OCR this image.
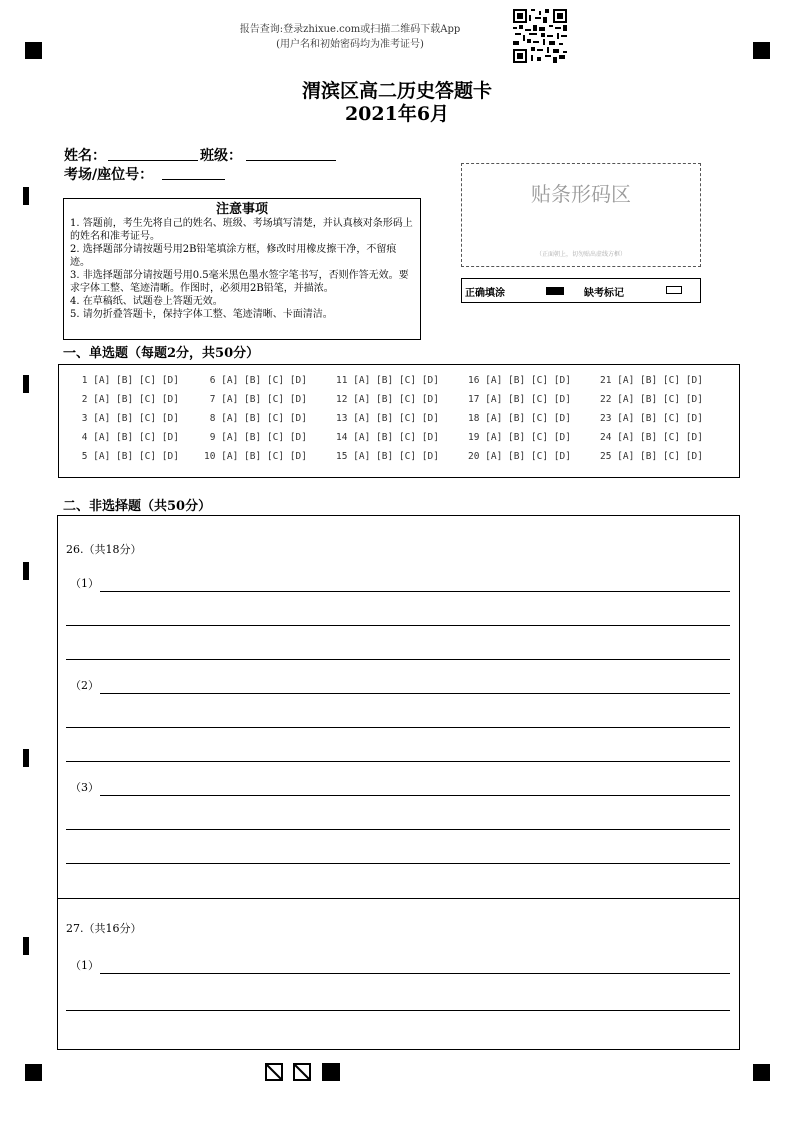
报告查询:登录zhixue.com或扫描二维码下载App
(用户名和初始密码均为准考证号)
渭滨区高二历史答题卡
2021年6月
姓名：	班级：
考场/座位号：
注意事项
1. 答题前，考生先将自己的姓名、班级、考场填写清楚，并认真核对条形码上的姓名和准考证号。
2. 选择题部分请按题号用2B铅笔填涂方框，修改时用橡皮擦干净，不留痕迹。
3. 非选择题部分请按题号用0.5毫米黑色墨水签字笔书写，否则作答无效。要求字体工整、笔迹清晰。作图时，必须用2B铅笔，并描浓。
4. 在草稿纸、试题卷上答题无效。
5. 请勿折叠答题卡，保持字体工整、笔迹清晰、卡面清洁。
贴条形码区
（正面朝上，切勿贴出虚线方框）
正确填涂	缺考标记
一、单选题（每题2分，共50分）
1 [A] [B] [C] [D]	6 [A] [B] [C] [D]	11 [A] [B] [C] [D]	16 [A] [B] [C] [D]	21 [A] [B] [C] [D]
2 [A] [B] [C] [D]	7 [A] [B] [C] [D]	12 [A] [B] [C] [D]	17 [A] [B] [C] [D]	22 [A] [B] [C] [D]
3 [A] [B] [C] [D]	8 [A] [B] [C] [D]	13 [A] [B] [C] [D]	18 [A] [B] [C] [D]	23 [A] [B] [C] [D]
4 [A] [B] [C] [D]	9 [A] [B] [C] [D]	14 [A] [B] [C] [D]	19 [A] [B] [C] [D]	24 [A] [B] [C] [D]
5 [A] [B] [C] [D]	10 [A] [B] [C] [D]	15 [A] [B] [C] [D]	20 [A] [B] [C] [D]	25 [A] [B] [C] [D]
二、非选择题（共50分）
26.（共18分）
（1）
（2）
（3）
27.（共16分）
（1）
